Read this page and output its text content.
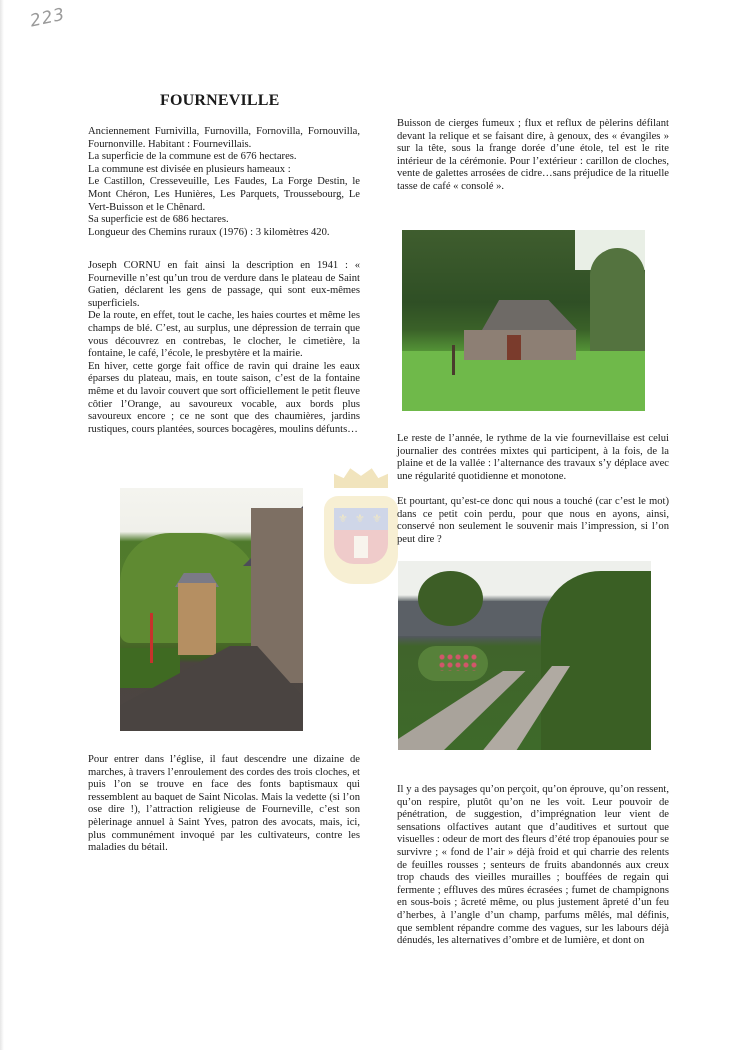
223
FOURNEVILLE

Anciennement Furnivilla, Furnovilla, Fornovilla, Fornouvilla, Fournonville. Habitant : Fournevillais.

La superficie de la commune est de 676 hectares.

La commune est divisée en plusieurs hameaux :

Le Castillon, Cresseveuille, Les Faudes, La Forge Destin, le Mont Chéron, Les Hunières, Les Parquets, Troussebourg, Le Vert-Buisson et le Chênard.

Sa superficie est de 686 hectares.

Longueur des Chemins ruraux (1976) : 3 kilomètres 420.

Joseph CORNU en fait ainsi la description en 1941 : « Fourneville n’est qu’un trou de verdure dans le plateau de Saint Gatien, déclarent les gens de passage, qui sont eux-mêmes superficiels.

De la route, en effet, tout le cache, les haies courtes et même les champs de blé. C’est, au surplus, une dépression de terrain que vous découvrez en contrebas, le clocher, le cimetière, la fontaine, le café, l’école, le presbytère et la mairie.

En hiver, cette gorge fait office de ravin qui draine les eaux éparses du plateau, mais, en toute saison, c’est de la fontaine même et du lavoir couvert que sort officiellement le petit fleuve côtier l’Orange, au savoureux vocable, aux bords plus savoureux encore ; ce ne sont que des chaumières, jardins rustiques, cours plantées, sources bocagères, moulins défunts…

Pour entrer dans l’église, il faut descendre une dizaine de marches, à travers l’enroulement des cordes des trois cloches, et puis l’on se trouve en face des fonts baptismaux qui ressemblent au baquet de Saint Nicolas. Mais la vedette (si l’on ose dire !), l’attraction religieuse de Fourneville, c’est son pèlerinage annuel à Saint Yves, patron des avocats, mais, ici, plus communément invoqué par les cultivateurs, contre les maladies du bétail.

Buisson de cierges fumeux ; flux et reflux de pèlerins défilant devant la relique et se faisant dire, à genoux, des « évangiles » sur la tête, sous la frange dorée d’une étole, tel est le rite intérieur de la cérémonie. Pour l’extérieur : carillon de cloches, vente de galettes arrosées de cidre…sans préjudice de la rituelle tasse de café « consolé ».

⚜ ⚜ ⚜

Le reste de l’année, le rythme de la vie fournevillaise est celui journalier des contrées mixtes qui participent, à la fois, de la plaine et de la vallée : l’alternance des travaux s’y déplace avec une régularité quotidienne et monotone.

Et pourtant, qu’est-ce donc qui nous a touché (car c’est le mot) dans ce petit coin perdu, pour que nous en ayons, ainsi, conservé non seulement le souvenir mais l’impression, si l’on peut dire ?

Il y a des paysages qu’on perçoit, qu’on éprouve, qu’on ressent, qu’on respire, plutôt qu’on ne les voit. Leur pouvoir de pénétration, de suggestion, d’imprégnation leur vient de sensations olfactives autant que d’auditives et surtout que visuelles : odeur de mort des fleurs d’été trop épanouies pour se survivre ; « fond de l’air » déjà froid et qui charrie des relents de feuilles rousses ; senteurs de fruits abandonnés aux creux trop chauds des vieilles murailles ; bouffées de regain qui fermente ; effluves des mûres écrasées ; fumet de champignons en sous-bois ; âcreté même, ou plus justement âpreté d’un feu d’herbes, à l’angle d’un champ, parfums mêlés, mal définis, que semblent répandre comme des vagues, sur les labours déjà dénudés, les alternatives d’ombre et de lumière, et dont on
